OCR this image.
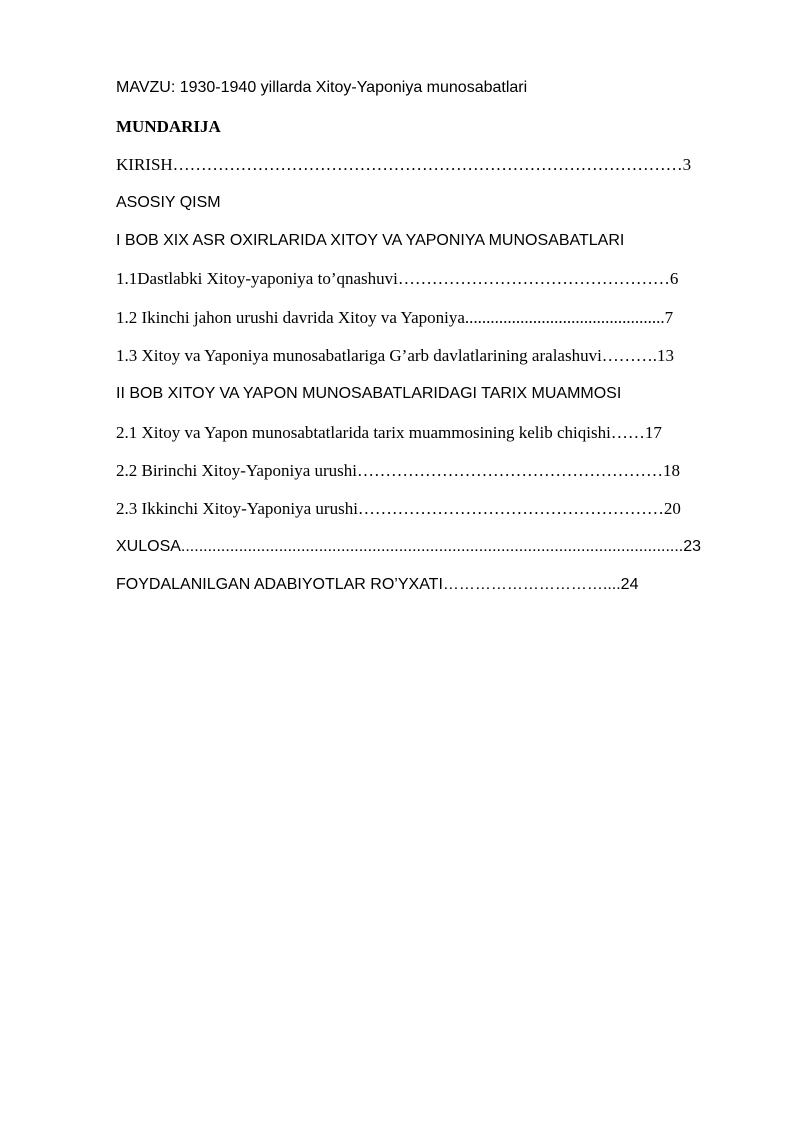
MAVZU: 1930-1940 yillarda Xitoy-Yaponiya munosabatlari
MUNDARIJA
KIRISH………………………………………………………………………………3
ASOSIY QISM
I BOB XIX ASR OXIRLARIDA XITOY VA YAPONIYA MUNOSABATLARI
1.1Dastlabki Xitoy-yaponiya to’qnashuvi…………………………………………6
1.2 Ikinchi jahon urushi davrida Xitoy va Yaponiya...............................................7
1.3 Xitoy va Yaponiya munosabatlariga G’arb davlatlarining aralashuvi……….13
II BOB XITOY VA YAPON MUNOSABATLARIDAGI TARIX MUAMMOSI
2.1 Xitoy va Yapon munosabtatlarida tarix muammosining kelib chiqishi……17
2.2 Birinchi Xitoy-Yaponiya urushi………………………………………………18
2.3 Ikkinchi Xitoy-Yaponiya urushi………………………………………………20
XULOSA.................................................................................................................23
FOYDALANILGAN ADABIYOTLAR RO’YXATI…………………………....24
